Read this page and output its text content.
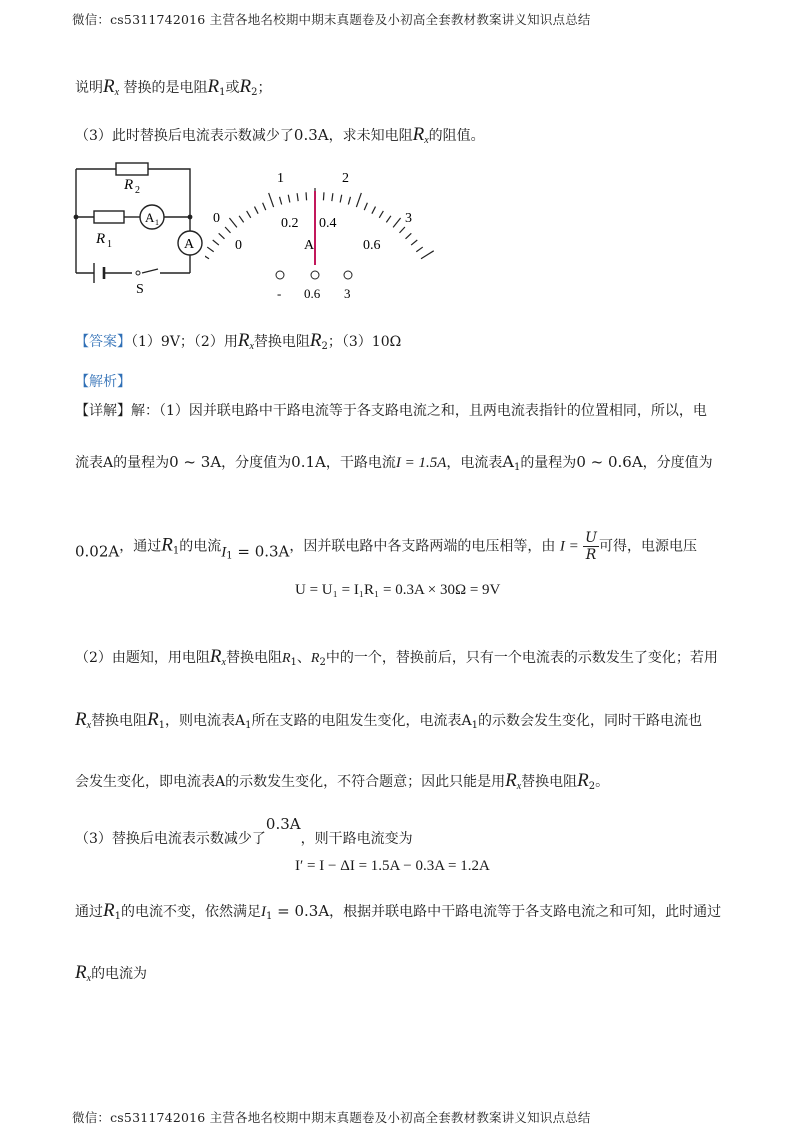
微信：cs5311742016 主营各地名校期中期末真题卷及小初高全套教材教案讲义知识点总结
说明$R_x$ 替换的是电阻$R_1$或$R_2$；
（3）此时替换后电流表示数减少了0.3A，求未知电阻$R_x$的阻值。
R 2
R 1
A 1
A
S
0
1	2
3
0
0.2 0.4
0.6
A
- 0.6 3
【答案】（1）9V；（2）用$R_x$替换电阻$R_2$；（3）10Ω
【解析】
【详解】解：（1）因并联电路中干路电流等于各支路电流之和，且两电流表指针的位置相同，所以，电
流表A的量程为0 ~ 3A，分度值为0.1A，干路电流I = 1.5A，电流表$A_1$的量程为0 ~ 0.6A，分度值为
0.02A，通过$R_1$的电流$I_1 = 0.3A$，因并联电路中各支路两端的电压相等，由 $I = \frac{U}{R}$ 可得，电源电压
U = U₁ = I₁R₁ = 0.3A × 30Ω = 9V
（2）由题知，用电阻$R_x$替换电阻$R_1$、$R_2$中的一个，替换前后，只有一个电流表的示数发生了变化；若用
$R_x$替换电阻$R_1$，则电流表$A_1$所在支路的电阻发生变化，电流表$A_1$的示数会发生变化，同时干路电流也
会发生变化，即电流表A的示数发生变化，不符合题意；因此只能是用$R_x$替换电阻$R_2$。
（3）替换后电流表示数减少了0.3A，则干路电流变为
I′ = I − ΔI = 1.5A − 0.3A = 1.2A
通过$R_1$的电流不变，依然满足$I_1 = 0.3A$，根据并联电路中干路电流等于各支路电流之和可知，此时通过
$R_x$的电流为
微信：cs5311742016 主营各地名校期中期末真题卷及小初高全套教材教案讲义知识点总结
